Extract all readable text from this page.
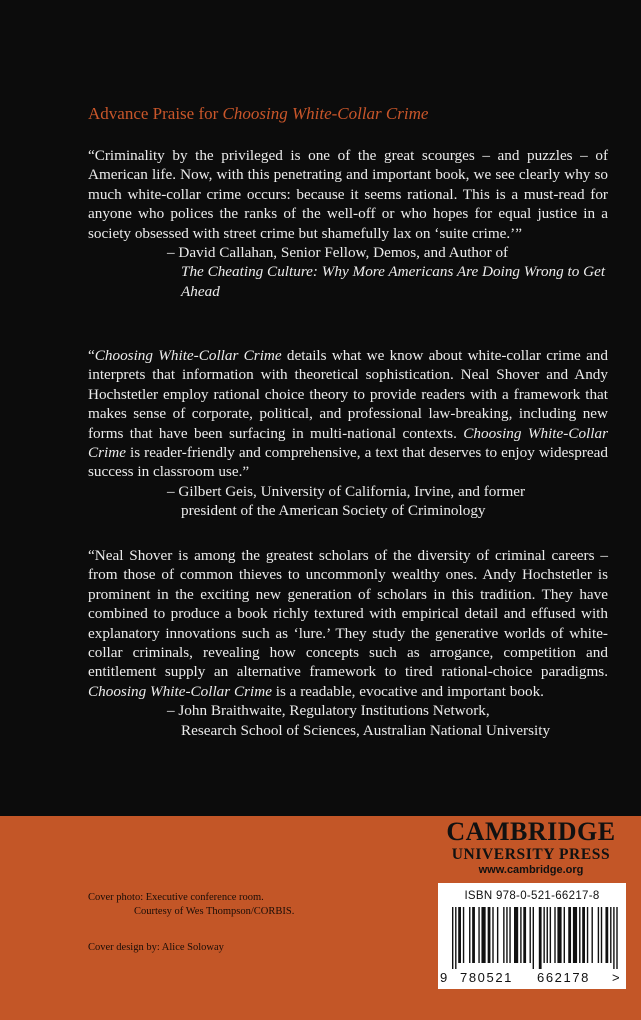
Advance Praise for Choosing White-Collar Crime

“Criminality by the privileged is one of the great scourges – and puzzles – of American life. Now, with this penetrating and important book, we see clearly why so much white-collar crime occurs: because it seems rational. This is a must-read for anyone who polices the ranks of the well-off or who hopes for equal justice in a society obsessed with street crime but shamefully lax on ‘suite crime.’”

– David Callahan, Senior Fellow, Demos, and Author of
The Cheating Culture: Why More Americans Are Doing Wrong to Get Ahead

“Choosing White-Collar Crime details what we know about white-collar crime and interprets that information with theoretical sophistication. Neal Shover and Andy Hochstetler employ rational choice theory to provide readers with a framework that makes sense of corporate, political, and professional law-breaking, including new forms that have been surfacing in multi-national contexts. Choosing White-Collar Crime is reader-friendly and comprehensive, a text that deserves to enjoy widespread success in classroom use.”

– Gilbert Geis, University of California, Irvine, and former
president of the American Society of Criminology

“Neal Shover is among the greatest scholars of the diversity of criminal careers – from those of common thieves to uncommonly wealthy ones. Andy Hochstetler is prominent in the exciting new generation of scholars in this tradition. They have combined to produce a book richly textured with empirical detail and effused with explanatory innovations such as ‘lure.’ They study the generative worlds of white-collar criminals, revealing how concepts such as arrogance, competition and entitlement supply an alternative framework to tired rational-choice paradigms. Choosing White-Collar Crime is a readable, evocative and important book.

– John Braithwaite, Regulatory Institutions Network,
Research School of Sciences, Australian National University
CAMBRIDGE
UNIVERSITY PRESS
www.cambridge.org
Cover photo: Executive conference room.
Courtesy of Wes Thompson/CORBIS.
Cover design by: Alice Soloway
ISBN 978-0-521-66217-8
9 780521 662178 >
